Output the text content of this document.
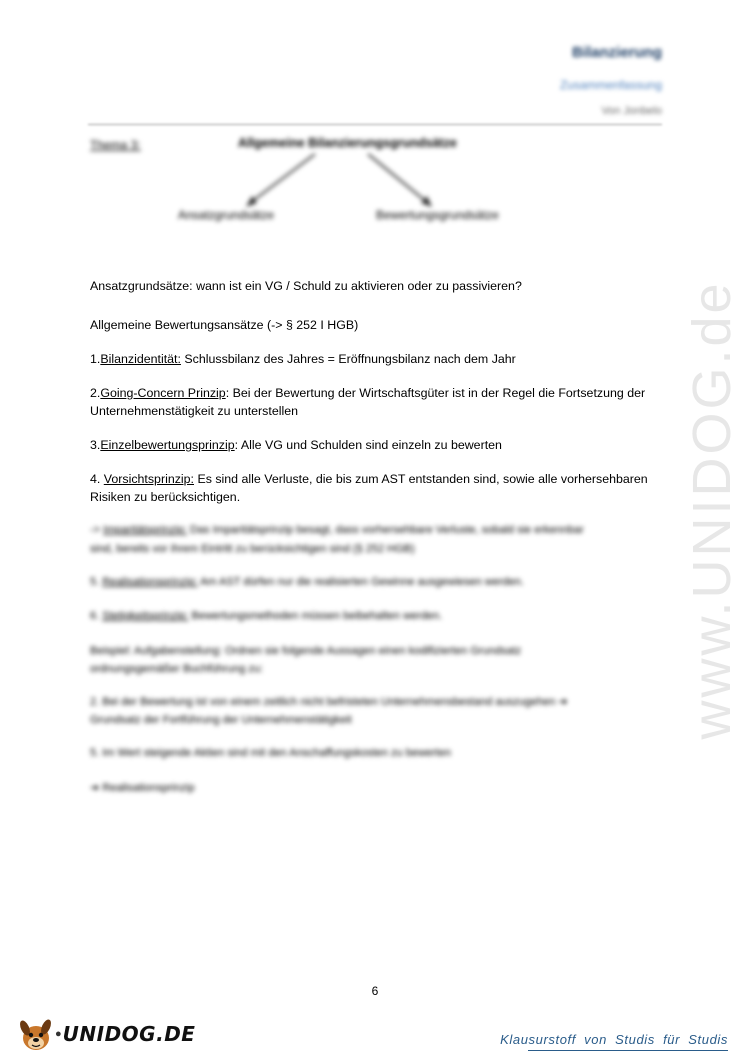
www.UNIDOG.de
Bilanzierung
Zusammenfassung
Von Jonbelo
Thema 3:	Allgemeine Bilanzierungsgrundsätze
Ansatzgrundsätze	Bewertungsgrundsätze
Ansatzgrundsätze: wann ist ein VG / Schuld zu aktivieren oder zu passivieren?
Allgemeine Bewertungsansätze (-> § 252 I HGB)
1.Bilanzidentität: Schlussbilanz des Jahres = Eröffnungsbilanz nach dem Jahr
2.Going-Concern Prinzip: Bei der Bewertung der Wirtschaftsgüter ist in der Regel die Fortsetzung der
Unternehmenstätigkeit zu unterstellen
3.Einzelbewertungsprinzip: Alle VG und Schulden sind einzeln zu bewerten
4. Vorsichtsprinzip: Es sind alle Verluste, die bis zum AST entstanden sind, sowie alle vorhersehbaren
Risiken zu berücksichtigen.
-> Imparitätsprinzip: Das Imparitätsprinzip besagt, dass vorhersehbare Verluste, sobald sie erkennbar
sind, bereits vor ihrem Eintritt zu berücksichtigen sind (§ 252 HGB)
5. Realisationsprinzip: Am AST dürfen nur die realisierten Gewinne ausgewiesen werden.
6. Stetigkeitsprinzip: Bewertungsmethoden müssen beibehalten werden.
Beispiel: Aufgabenstellung: Ordnen sie folgende Aussagen einen kodifizierten Grundsatz
ordnungsgemäßer Buchführung zu:
2. Bei der Bewertung ist von einem zeitlich nicht befristeten Unternehmensbestand auszugehen ➔
Grundsatz der Fortführung der Unternehmenstätigkeit
5. Im Wert steigende Aktien sind mit den Anschaffungskosten zu bewerten
➔ Realisationsprinzip
6
● UNIDOG.DE	Klausurstoff von Studis für Studis
